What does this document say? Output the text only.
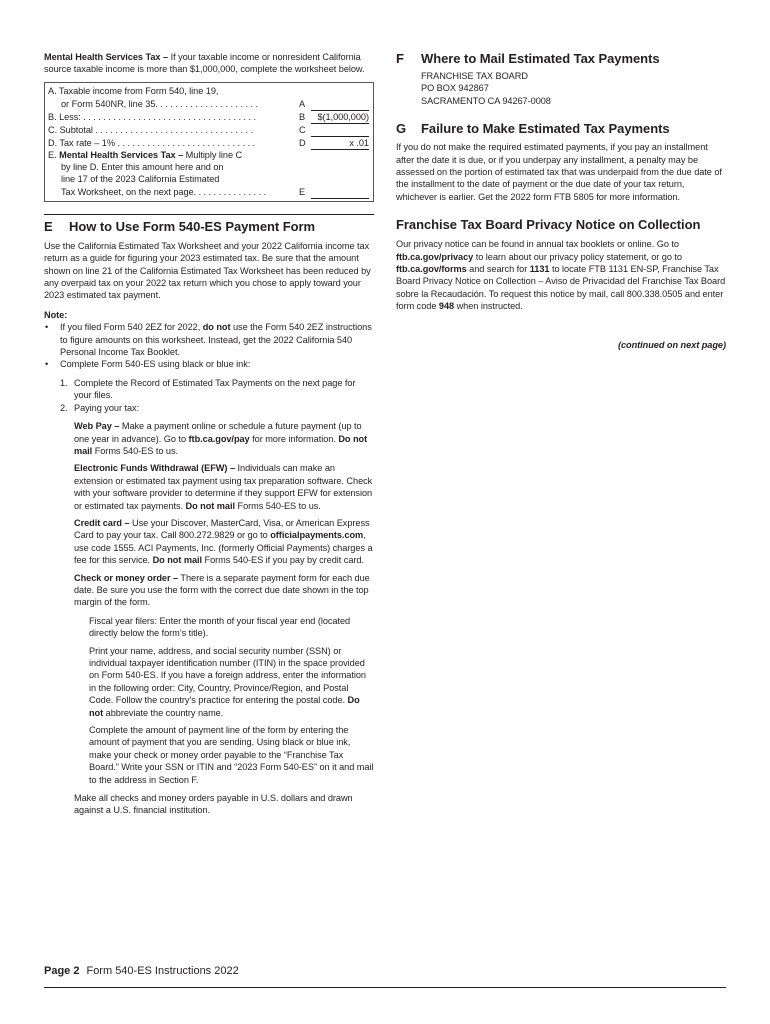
Mental Health Services Tax – If your taxable income or nonresident California source taxable income is more than $1,000,000, complete the worksheet below.

A. Taxable income from Form 540, line 19,
or Form 540NR, line 35. . . . . . . . . . . . . . . . . . . . .	A
B. Less: . . . . . . . . . . . . . . . . . . . . . . . . . . . . . . . . . . .	B	$(1,000,000)
C. Subtotal . . . . . . . . . . . . . . . . . . . . . . . . . . . . . . . .	C
D. Tax rate – 1% . . . . . . . . . . . . . . . . . . . . . . . . . . . .	D	x .01
E. Mental Health Services Tax – Multiply line C
by line D. Enter this amount here and on
line 17 of the 2023 California Estimated
Tax Worksheet, on the next page. . . . . . . . . . . . . . .	E
E How to Use Form 540-ES Payment Form

Use the California Estimated Tax Worksheet and your 2022 California income tax return as a guide for figuring your 2023 estimated tax. Be sure that the amount shown on line 21 of the California Estimated Tax Worksheet has been reduced by any overpaid tax on your 2022 tax return which you chose to apply toward your 2023 estimated tax payment.

Note:

• If you filed Form 540 2EZ for 2022, do not use the Form 540 2EZ instructions to figure amounts on this worksheet. Instead, get the 2022 California 540 Personal Income Tax Booklet.
• Complete Form 540-ES using black or blue ink:
1. Complete the Record of Estimated Tax Payments on the next page for your files.
2. Paying your tax:

Web Pay – Make a payment online or schedule a future payment (up to one year in advance). Go to ftb.ca.gov/pay for more information. Do not mail Forms 540-ES to us.

Electronic Funds Withdrawal (EFW) – Individuals can make an extension or estimated tax payment using tax preparation software. Check with your software provider to determine if they support EFW for extension or estimated tax payments. Do not mail Forms 540-ES to us.

Credit card – Use your Discover, MasterCard, Visa, or American Express Card to pay your tax. Call 800.272.9829 or go to officialpayments.com, use code 1555. ACI Payments, Inc. (formerly Official Payments) charges a fee for this service. Do not mail Forms 540-ES if you pay by credit card.

Check or money order – There is a separate payment form for each due date. Be sure you use the form with the correct due date shown in the top margin of the form.

Fiscal year filers: Enter the month of your fiscal year end (located directly below the form’s title).

Print your name, address, and social security number (SSN) or individual taxpayer identification number (ITIN) in the space provided on Form 540-ES. If you have a foreign address, enter the information in the following order: City, Country, Province/Region, and Postal Code. Follow the country’s practice for entering the postal code. Do not abbreviate the country name.

Complete the amount of payment line of the form by entering the amount of payment that you are sending. Using black or blue ink, make your check or money order payable to the “Franchise Tax Board.” Write your SSN or ITIN and “2023 Form 540-ES” on it and mail to the address in Section F.

Make all checks and money orders payable in U.S. dollars and drawn against a U.S. financial institution.

F Where to Mail Estimated Tax Payments

FRANCHISE TAX BOARD

PO BOX 942867

SACRAMENTO CA 94267-0008

G Failure to Make Estimated Tax Payments

If you do not make the required estimated payments, if you pay an installment after the date it is due, or if you underpay any installment, a penalty may be assessed on the portion of estimated tax that was underpaid from the due date of the installment to the date of payment or the due date of your tax return, whichever is earlier. Get the 2022 form FTB 5805 for more information.

Franchise Tax Board Privacy Notice on Collection

Our privacy notice can be found in annual tax booklets or online. Go to ftb.ca.gov/privacy to learn about our privacy policy statement, or go to ftb.ca.gov/forms and search for 1131 to locate FTB 1131 EN-SP, Franchise Tax Board Privacy Notice on Collection – Aviso de Privacidad del Franchise Tax Board sobre la Recaudación. To request this notice by mail, call 800.338.0505 and enter form code 948 when instructed.

(continued on next page)

Page 2 Form 540-ES Instructions 2022
